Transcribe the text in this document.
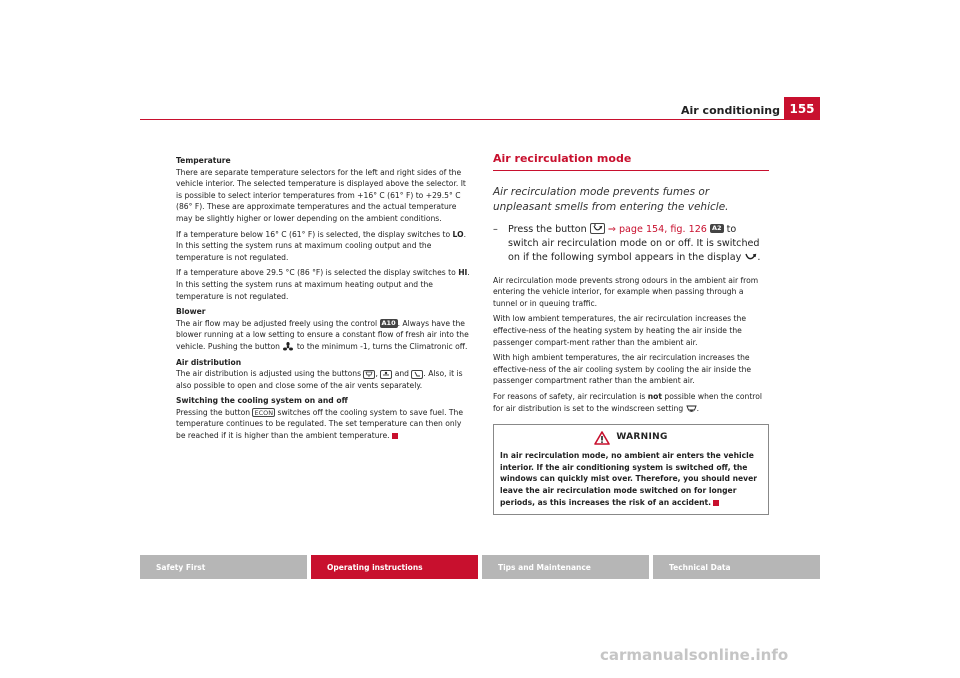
Air conditioning 155
Temperature

There are separate temperature selectors for the left and right sides of the vehicle interior. The selected temperature is displayed above the selector. It is possible to select interior temperatures from +16° C (61° F) to +29.5° C (86° F). These are approximate temperatures and the actual temperature may be slightly higher or lower depending on the ambient conditions.

If a temperature below 16° C (61° F) is selected, the display switches to LO. In this setting the system runs at maximum cooling output and the temperature is not regulated.

If a temperature above 29.5 °C (86 °F) is selected the display switches to HI. In this setting the system runs at maximum heating output and the temperature is not regulated.

Blower

The air flow may be adjusted freely using the control A10 . Always have the blower running at a low setting to ensure a constant flow of fresh air into the vehicle. Pushing the button  to the minimum -1, turns the Climatronic off.

Air distribution

The air distribution is adjusted using the buttons ,  and . Also, it is also possible to open and close some of the air vents separately.

Switching the cooling system on and off

Pressing the button ECON switches off the cooling system to save fuel. The temperature continues to be regulated. The set temperature can then only be reached if it is higher than the ambient temperature.

Air recirculation mode
Air recirculation mode prevents fumes or unpleasant smells from entering the vehicle.
–	Press the button  ⇒ page 154, fig. 126 A2 to switch air recirculation mode on or off. It is switched on if the following symbol appears in the display .

Air recirculation mode prevents strong odours in the ambient air from entering the vehicle interior, for example when passing through a tunnel or in queuing traffic.

With low ambient temperatures, the air recirculation increases the effective-ness of the heating system by heating the air inside the passenger compart-ment rather than the ambient air.

With high ambient temperatures, the air recirculation increases the effective-ness of the air cooling system by cooling the air inside the passenger compartment rather than the ambient air.

For reasons of safety, air recirculation is not possible when the control for air distribution is set to the windscreen setting .

WARNING

In air recirculation mode, no ambient air enters the vehicle interior. If the air conditioning system is switched off, the windows can quickly mist over. Therefore, you should never leave the air recirculation mode switched on for longer periods, as this increases the risk of an accident.

Safety First	Operating instructions	Tips and Maintenance	Technical Data
carmanualsonline.info
